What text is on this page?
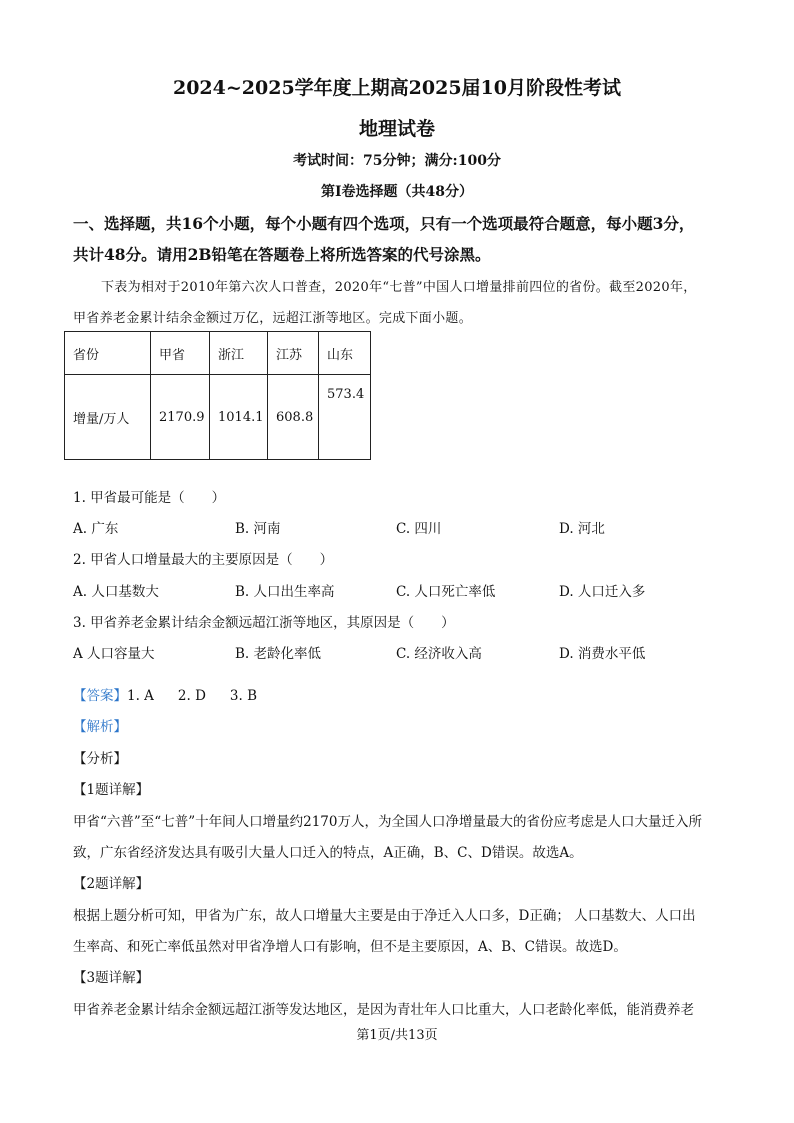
2024~2025学年度上期高2025届10月阶段性考试
地理试卷
考试时间：75分钟；满分:100分
第I卷选择题（共48分）
一、选择题，共16个小题，每个小题有四个选项，只有一个选项最符合题意，每小题3分，
共计48分。请用2B铅笔在答题卷上将所选答案的代号涂黑。
下表为相对于2010年第六次人口普查，2020年“七普”中国人口增量排前四位的省份。截至2020年，
甲省养老金累计结余金额过万亿，远超江浙等地区。完成下面小题。
省份	甲省	浙江	江苏	山东
增量/万人	2170.9	1014.1	608.8	573.4
1. 甲省最可能是（　　）
A. 广东	B. 河南	C. 四川	D. 河北
2. 甲省人口增量最大的主要原因是（　　）
A. 人口基数大	B. 人口出生率高	C. 人口死亡率低	D. 人口迁入多
3. 甲省养老金累计结余金额远超江浙等地区，其原因是（　　）
A 人口容量大	B. 老龄化率低	C. 经济收入高	D. 消费水平低
【答案】1. A 2. D 3. B
【解析】
【分析】
【1题详解】
甲省“六普”至“七普”十年间人口增量约2170万人，为全国人口净增量最大的省份应考虑是人口大量迁入所
致，广东省经济发达具有吸引大量人口迁入的特点，A正确，B、C、D错误。故选A。
【2题详解】
根据上题分析可知，甲省为广东，故人口增量大主要是由于净迁入人口多，D正确； 人口基数大、人口出
生率高、和死亡率低虽然对甲省净增人口有影响，但不是主要原因，A、B、C错误。故选D。
【3题详解】
甲省养老金累计结余金额远超江浙等发达地区，是因为青壮年人口比重大，人口老龄化率低，能消费养老
第1页/共13页
